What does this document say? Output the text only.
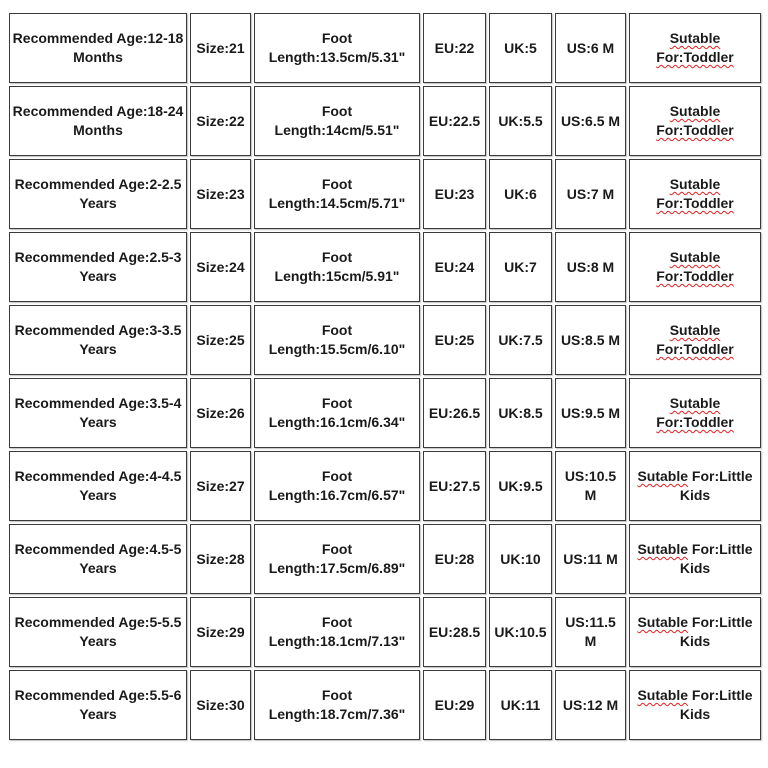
Recommended Age:12-18
Months	Size:21	Foot
Length:13.5cm/5.31"	EU:22	UK:5	US:6 M	Sutable
For:Toddler

Recommended Age:18-24
Months	Size:22	Foot
Length:14cm/5.51"	EU:22.5	UK:5.5	US:6.5 M	Sutable
For:Toddler

Recommended Age:2-2.5
Years	Size:23	Foot
Length:14.5cm/5.71"	EU:23	UK:6	US:7 M	Sutable
For:Toddler

Recommended Age:2.5-3
Years	Size:24	Foot
Length:15cm/5.91"	EU:24	UK:7	US:8 M	Sutable
For:Toddler

Recommended Age:3-3.5
Years	Size:25	Foot
Length:15.5cm/6.10"	EU:25	UK:7.5	US:8.5 M	Sutable
For:Toddler

Recommended Age:3.5-4
Years	Size:26	Foot
Length:16.1cm/6.34"	EU:26.5	UK:8.5	US:9.5 M	Sutable
For:Toddler

Recommended Age:4-4.5
Years	Size:27	Foot
Length:16.7cm/6.57"	EU:27.5	UK:9.5	US:10.5 M	Sutable For:Little Kids

Recommended Age:4.5-5
Years	Size:28	Foot
Length:17.5cm/6.89"	EU:28	UK:10	US:11 M	Sutable For:Little Kids

Recommended Age:5-5.5
Years	Size:29	Foot
Length:18.1cm/7.13"	EU:28.5	UK:10.5	US:11.5 M	Sutable For:Little Kids

Recommended Age:5.5-6
Years	Size:30	Foot
Length:18.7cm/7.36"	EU:29	UK:11	US:12 M	Sutable For:Little Kids
